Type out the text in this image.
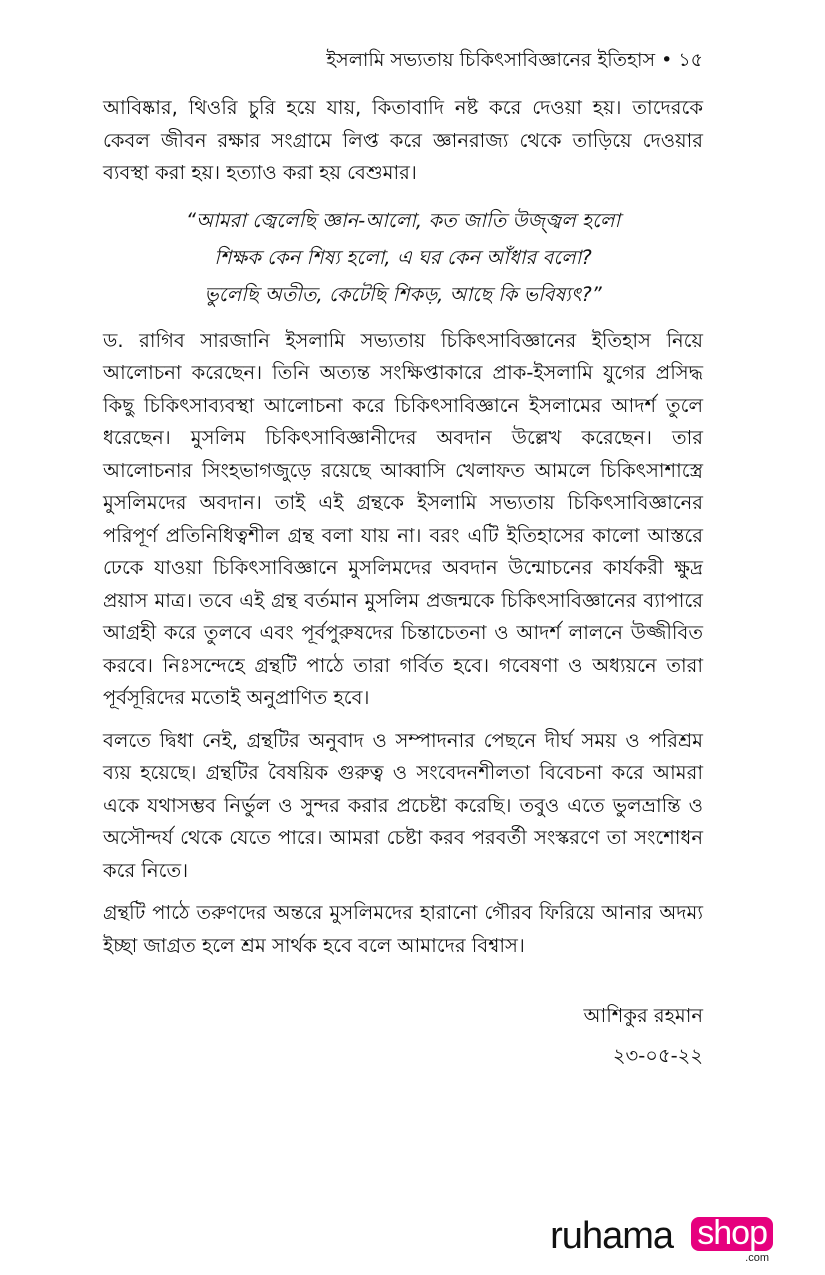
ইসলামি সভ্যতায় চিকিৎসাবিজ্ঞানের ইতিহাস • ১৫

আবিষ্কার, থিওরি চুরি হয়ে যায়, কিতাবাদি নষ্ট করে দেওয়া হয়। তাদেরকে কেবল জীবন রক্ষার সংগ্রামে লিপ্ত করে জ্ঞানরাজ্য থেকে তাড়িয়ে দেওয়ার ব্যবস্থা করা হয়। হত্যাও করা হয় বেশুমার।

“আমরা জ্বেলেছি জ্ঞান-আলো, কত জাতি উজ্জ্বল হলো
শিক্ষক কেন শিষ্য হলো, এ ঘর কেন আঁধার বলো?
ভুলেছি অতীত, কেটেছি শিকড়, আছে কি ভবিষ্যৎ?”

ড. রাগিব সারজানি ইসলামি সভ্যতায় চিকিৎসাবিজ্ঞানের ইতিহাস নিয়ে আলোচনা করেছেন। তিনি অত্যন্ত সংক্ষিপ্তাকারে প্রাক-ইসলামি যুগের প্রসিদ্ধ কিছু চিকিৎসাব্যবস্থা আলোচনা করে চিকিৎসাবিজ্ঞানে ইসলামের আদর্শ তুলে ধরেছেন। মুসলিম চিকিৎসাবিজ্ঞানীদের অবদান উল্লেখ করেছেন। তার আলোচনার সিংহভাগজুড়ে রয়েছে আব্বাসি খেলাফত আমলে চিকিৎসাশাস্ত্রে মুসলিমদের অবদান। তাই এই গ্রন্থকে ইসলামি সভ্যতায় চিকিৎসাবিজ্ঞানের পরিপূর্ণ প্রতিনিধিত্বশীল গ্রন্থ বলা যায় না। বরং এটি ইতিহাসের কালো আস্তরে ঢেকে যাওয়া চিকিৎসাবিজ্ঞানে মুসলিমদের অবদান উন্মোচনের কার্যকরী ক্ষুদ্র প্রয়াস মাত্র। তবে এই গ্রন্থ বর্তমান মুসলিম প্রজন্মকে চিকিৎসাবিজ্ঞানের ব্যাপারে আগ্রহী করে তুলবে এবং পূর্বপুরুষদের চিন্তাচেতনা ও আদর্শ লালনে উজ্জীবিত করবে। নিঃসন্দেহে গ্রন্থটি পাঠে তারা গর্বিত হবে। গবেষণা ও অধ্যয়নে তারা পূর্বসূরিদের মতোই অনুপ্রাণিত হবে।

বলতে দ্বিধা নেই, গ্রন্থটির অনুবাদ ও সম্পাদনার পেছনে দীর্ঘ সময় ও পরিশ্রম ব্যয় হয়েছে। গ্রন্থটির বৈষয়িক গুরুত্ব ও সংবেদনশীলতা বিবেচনা করে আমরা একে যথাসম্ভব নির্ভুল ও সুন্দর করার প্রচেষ্টা করেছি। তবুও এতে ভুলভ্রান্তি ও অসৌন্দর্য থেকে যেতে পারে। আমরা চেষ্টা করব পরবর্তী সংস্করণে তা সংশোধন করে নিতে।

গ্রন্থটি পাঠে তরুণদের অন্তরে মুসলিমদের হারানো গৌরব ফিরিয়ে আনার অদম্য ইচ্ছা জাগ্রত হলে শ্রম সার্থক হবে বলে আমাদের বিশ্বাস।

আশিকুর রহমান
২৩-০৫-২২
ruhama shop
.com
